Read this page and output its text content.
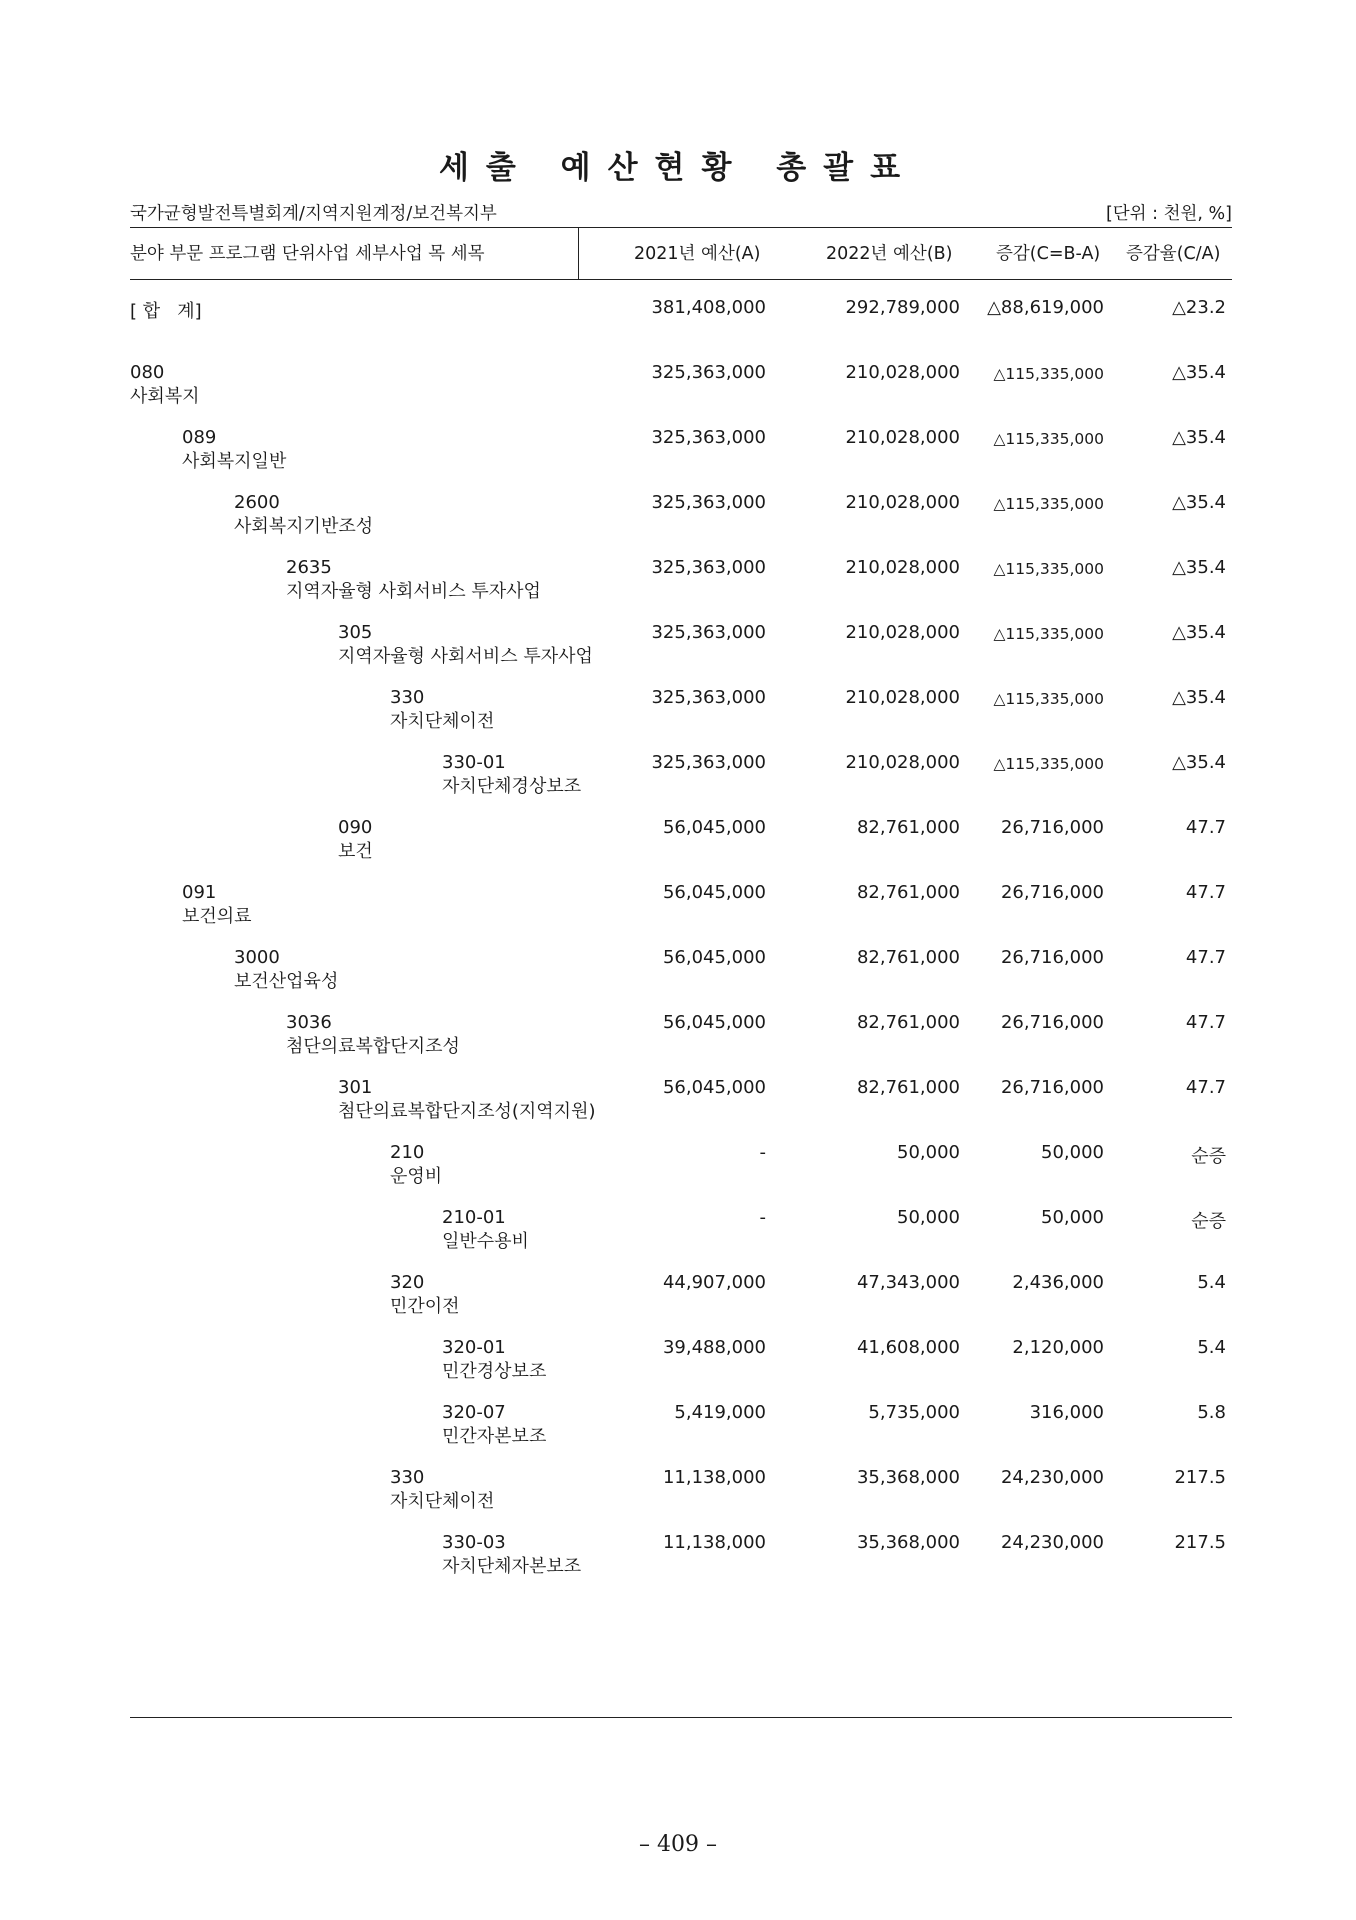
세출 예산현황 총괄표
국가균형발전특별회계/지역지원계정/보건복지부	[단위 : 천원, %]
분야 부문 프로그램 단위사업 세부사업 목 세목	2021년 예산(A)	2022년 예산(B) 증감(C=B-A) 증감율(C/A)
[ 합   계]	381,408,000	292,789,000	△88,619,000	△23.2
080
사회복지
325,363,000	210,028,000	△115,335,000	△35.4
089
사회복지일반
325,363,000	210,028,000	△115,335,000	△35.4
2600
사회복지기반조성
325,363,000	210,028,000	△115,335,000	△35.4
2635
지역자율형 사회서비스 투자사업
325,363,000	210,028,000	△115,335,000	△35.4
305
지역자율형 사회서비스 투자사업
325,363,000	210,028,000	△115,335,000	△35.4
330
자치단체이전
325,363,000	210,028,000	△115,335,000	△35.4
330-01
자치단체경상보조
325,363,000	210,028,000	△115,335,000	△35.4
090
보건
56,045,000	82,761,000	26,716,000	47.7
091
보건의료
56,045,000	82,761,000	26,716,000	47.7
3000
보건산업육성
56,045,000	82,761,000	26,716,000	47.7
3036
첨단의료복합단지조성
56,045,000	82,761,000	26,716,000	47.7
301
첨단의료복합단지조성(지역지원)
56,045,000	82,761,000	26,716,000	47.7
210
운영비
-	50,000	50,000	순증
210-01
일반수용비
-	50,000	50,000	순증
320
민간이전
44,907,000	47,343,000	2,436,000	5.4
320-01
민간경상보조
39,488,000	41,608,000	2,120,000	5.4
320-07
민간자본보조
5,419,000	5,735,000	316,000	5.8
330
자치단체이전
11,138,000	35,368,000	24,230,000	217.5
330-03
자치단체자본보조
11,138,000	35,368,000	24,230,000	217.5
– 409 –
